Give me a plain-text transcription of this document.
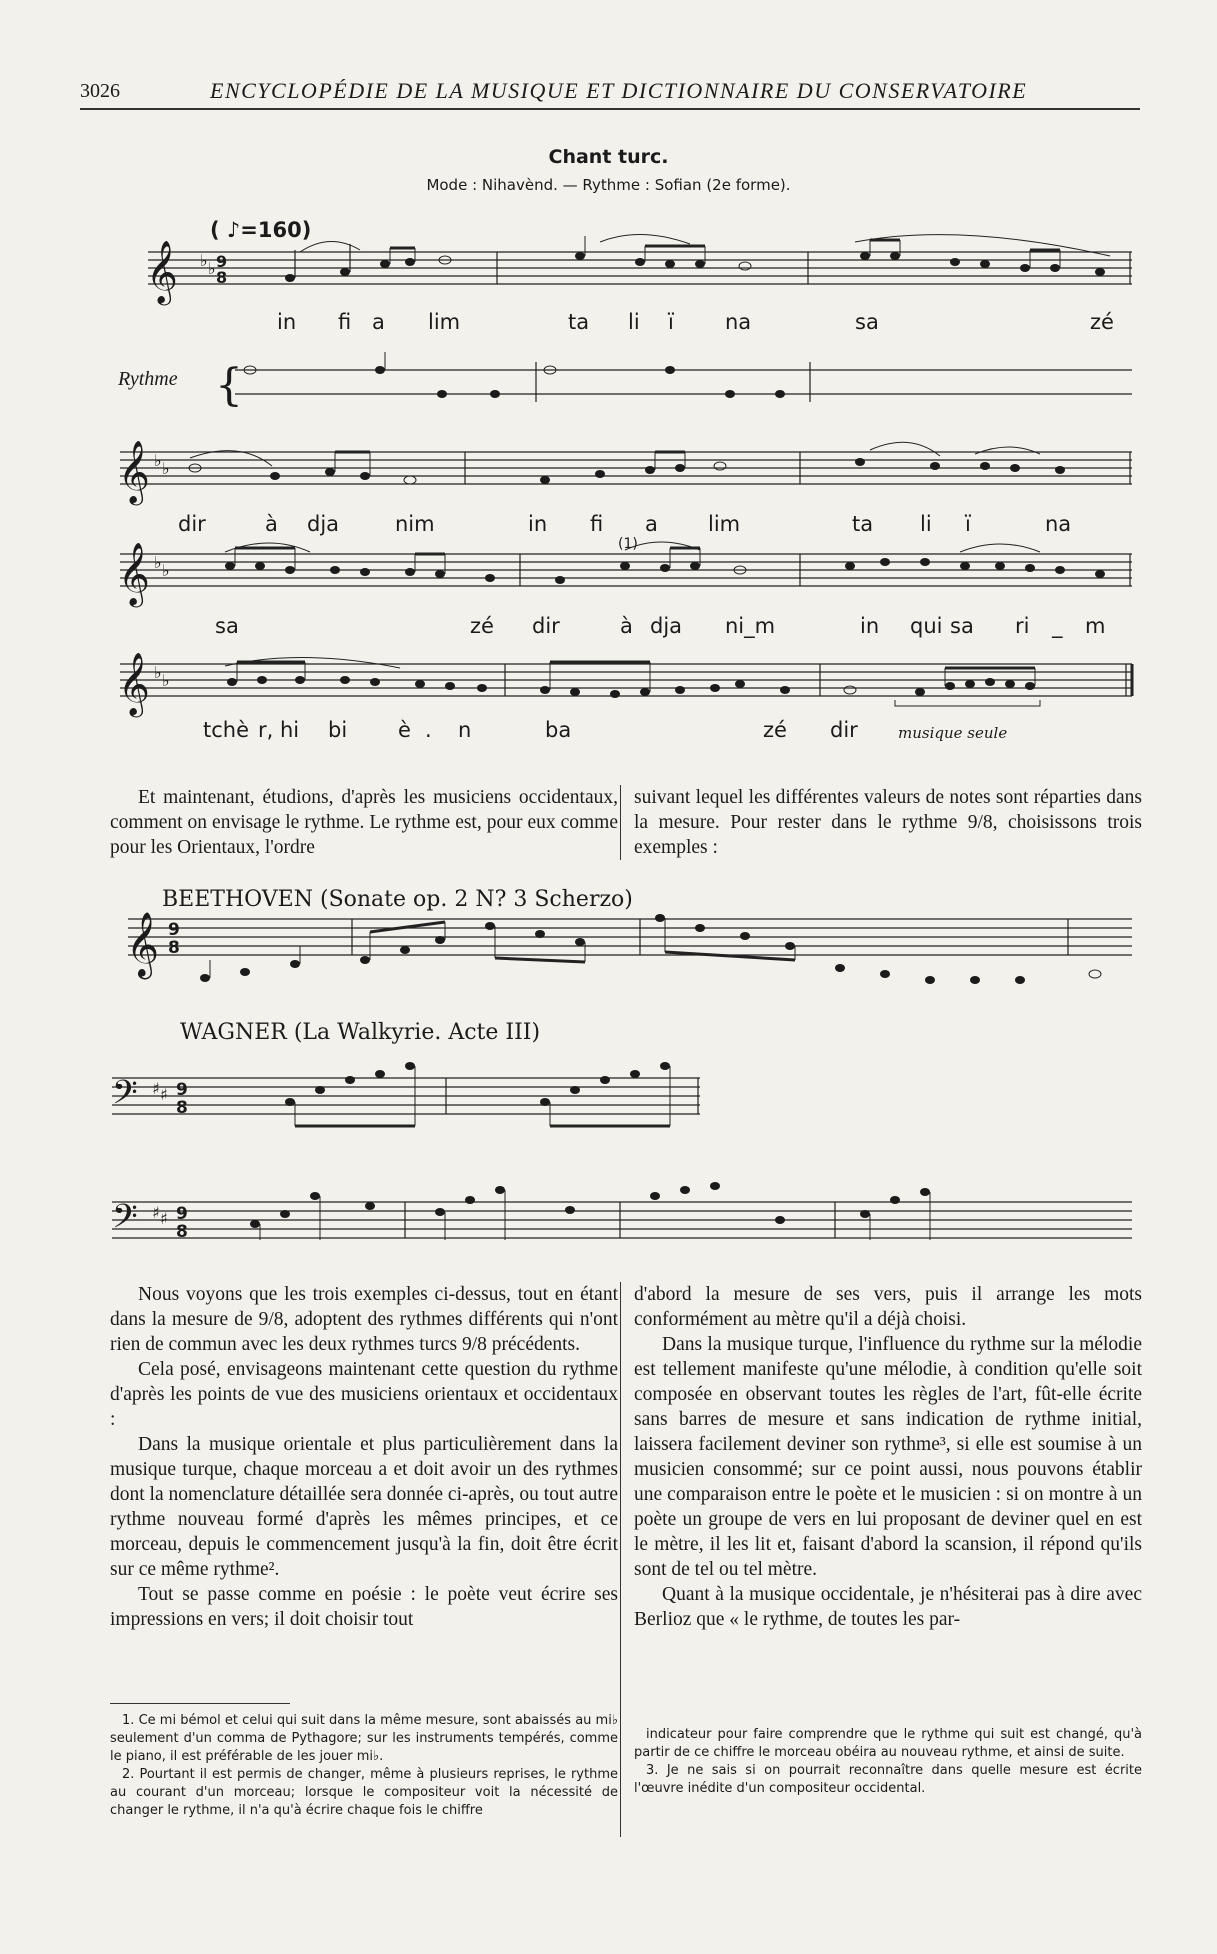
3026	ENCYCLOPÉDIE DE LA MUSIQUE ET DICTIONNAIRE DU CONSERVATOIRE
Chant turc.
Mode : Nihavènd. — Rythme : Sofian (2e forme).
( ♪=160)
𝄞 ♭ ♭ 9
8
𝄞 ♭ ♭
𝄞 ♭ ♭
𝄞 ♭ ♭
𝄞 9
8
𝄢 ♯ ♯ 9
8
𝄢 ♯ ♯ 9
8
{
Rythme
(1)
in fi a lim	ta li ï na	sa	zé
dir	à dja	nim	in fi a lim	ta li ï	na
sa	zé dir	à dja ni_m	in qui sa ri _ m
tchè r, hi bi è . n	ba	zé dir	musique seule

Et maintenant, étudions, d'après les musiciens occidentaux, comment on envisage le rythme. Le rythme est, pour eux comme pour les Orientaux, l'ordre

suivant lequel les différentes valeurs de notes sont réparties dans la mesure. Pour rester dans le rythme 9/8, choisissons trois exemples :

BEETHOVEN (Sonate op. 2 N? 3 Scherzo)
WAGNER (La Walkyrie. Acte III)

Nous voyons que les trois exemples ci-dessus, tout en étant dans la mesure de 9/8, adoptent des rythmes différents qui n'ont rien de commun avec les deux rythmes turcs 9/8 précédents.

Cela posé, envisageons maintenant cette question du rythme d'après les points de vue des musiciens orientaux et occidentaux :

Dans la musique orientale et plus particulièrement dans la musique turque, chaque morceau a et doit avoir un des rythmes dont la nomenclature détaillée sera donnée ci-après, ou tout autre rythme nouveau formé d'après les mêmes principes, et ce morceau, depuis le commencement jusqu'à la fin, doit être écrit sur ce même rythme².

Tout se passe comme en poésie : le poète veut écrire ses impressions en vers; il doit choisir tout

d'abord la mesure de ses vers, puis il arrange les mots conformément au mètre qu'il a déjà choisi.

Dans la musique turque, l'influence du rythme sur la mélodie est tellement manifeste qu'une mélodie, à condition qu'elle soit composée en observant toutes les règles de l'art, fût-elle écrite sans barres de mesure et sans indication de rythme initial, laissera facilement deviner son rythme³, si elle est soumise à un musicien consommé; sur ce point aussi, nous pouvons établir une comparaison entre le poète et le musicien : si on montre à un poète un groupe de vers en lui proposant de deviner quel en est le mètre, il les lit et, faisant d'abord la scansion, il répond qu'ils sont de tel ou tel mètre.

Quant à la musique occidentale, je n'hésiterai pas à dire avec Berlioz que « le rythme, de toutes les par-

1. Ce mi bémol et celui qui suit dans la même mesure, sont abaissés au mi♭ seulement d'un comma de Pythagore; sur les instruments tempérés, comme le piano, il est préférable de les jouer mi♭.

2. Pourtant il est permis de changer, même à plusieurs reprises, le rythme au courant d'un morceau; lorsque le compositeur voit la nécessité de changer le rythme, il n'a qu'à écrire chaque fois le chiffre

indicateur pour faire comprendre que le rythme qui suit est changé, qu'à partir de ce chiffre le morceau obéira au nouveau rythme, et ainsi de suite.

3. Je ne sais si on pourrait reconnaître dans quelle mesure est écrite l'œuvre inédite d'un compositeur occidental.
